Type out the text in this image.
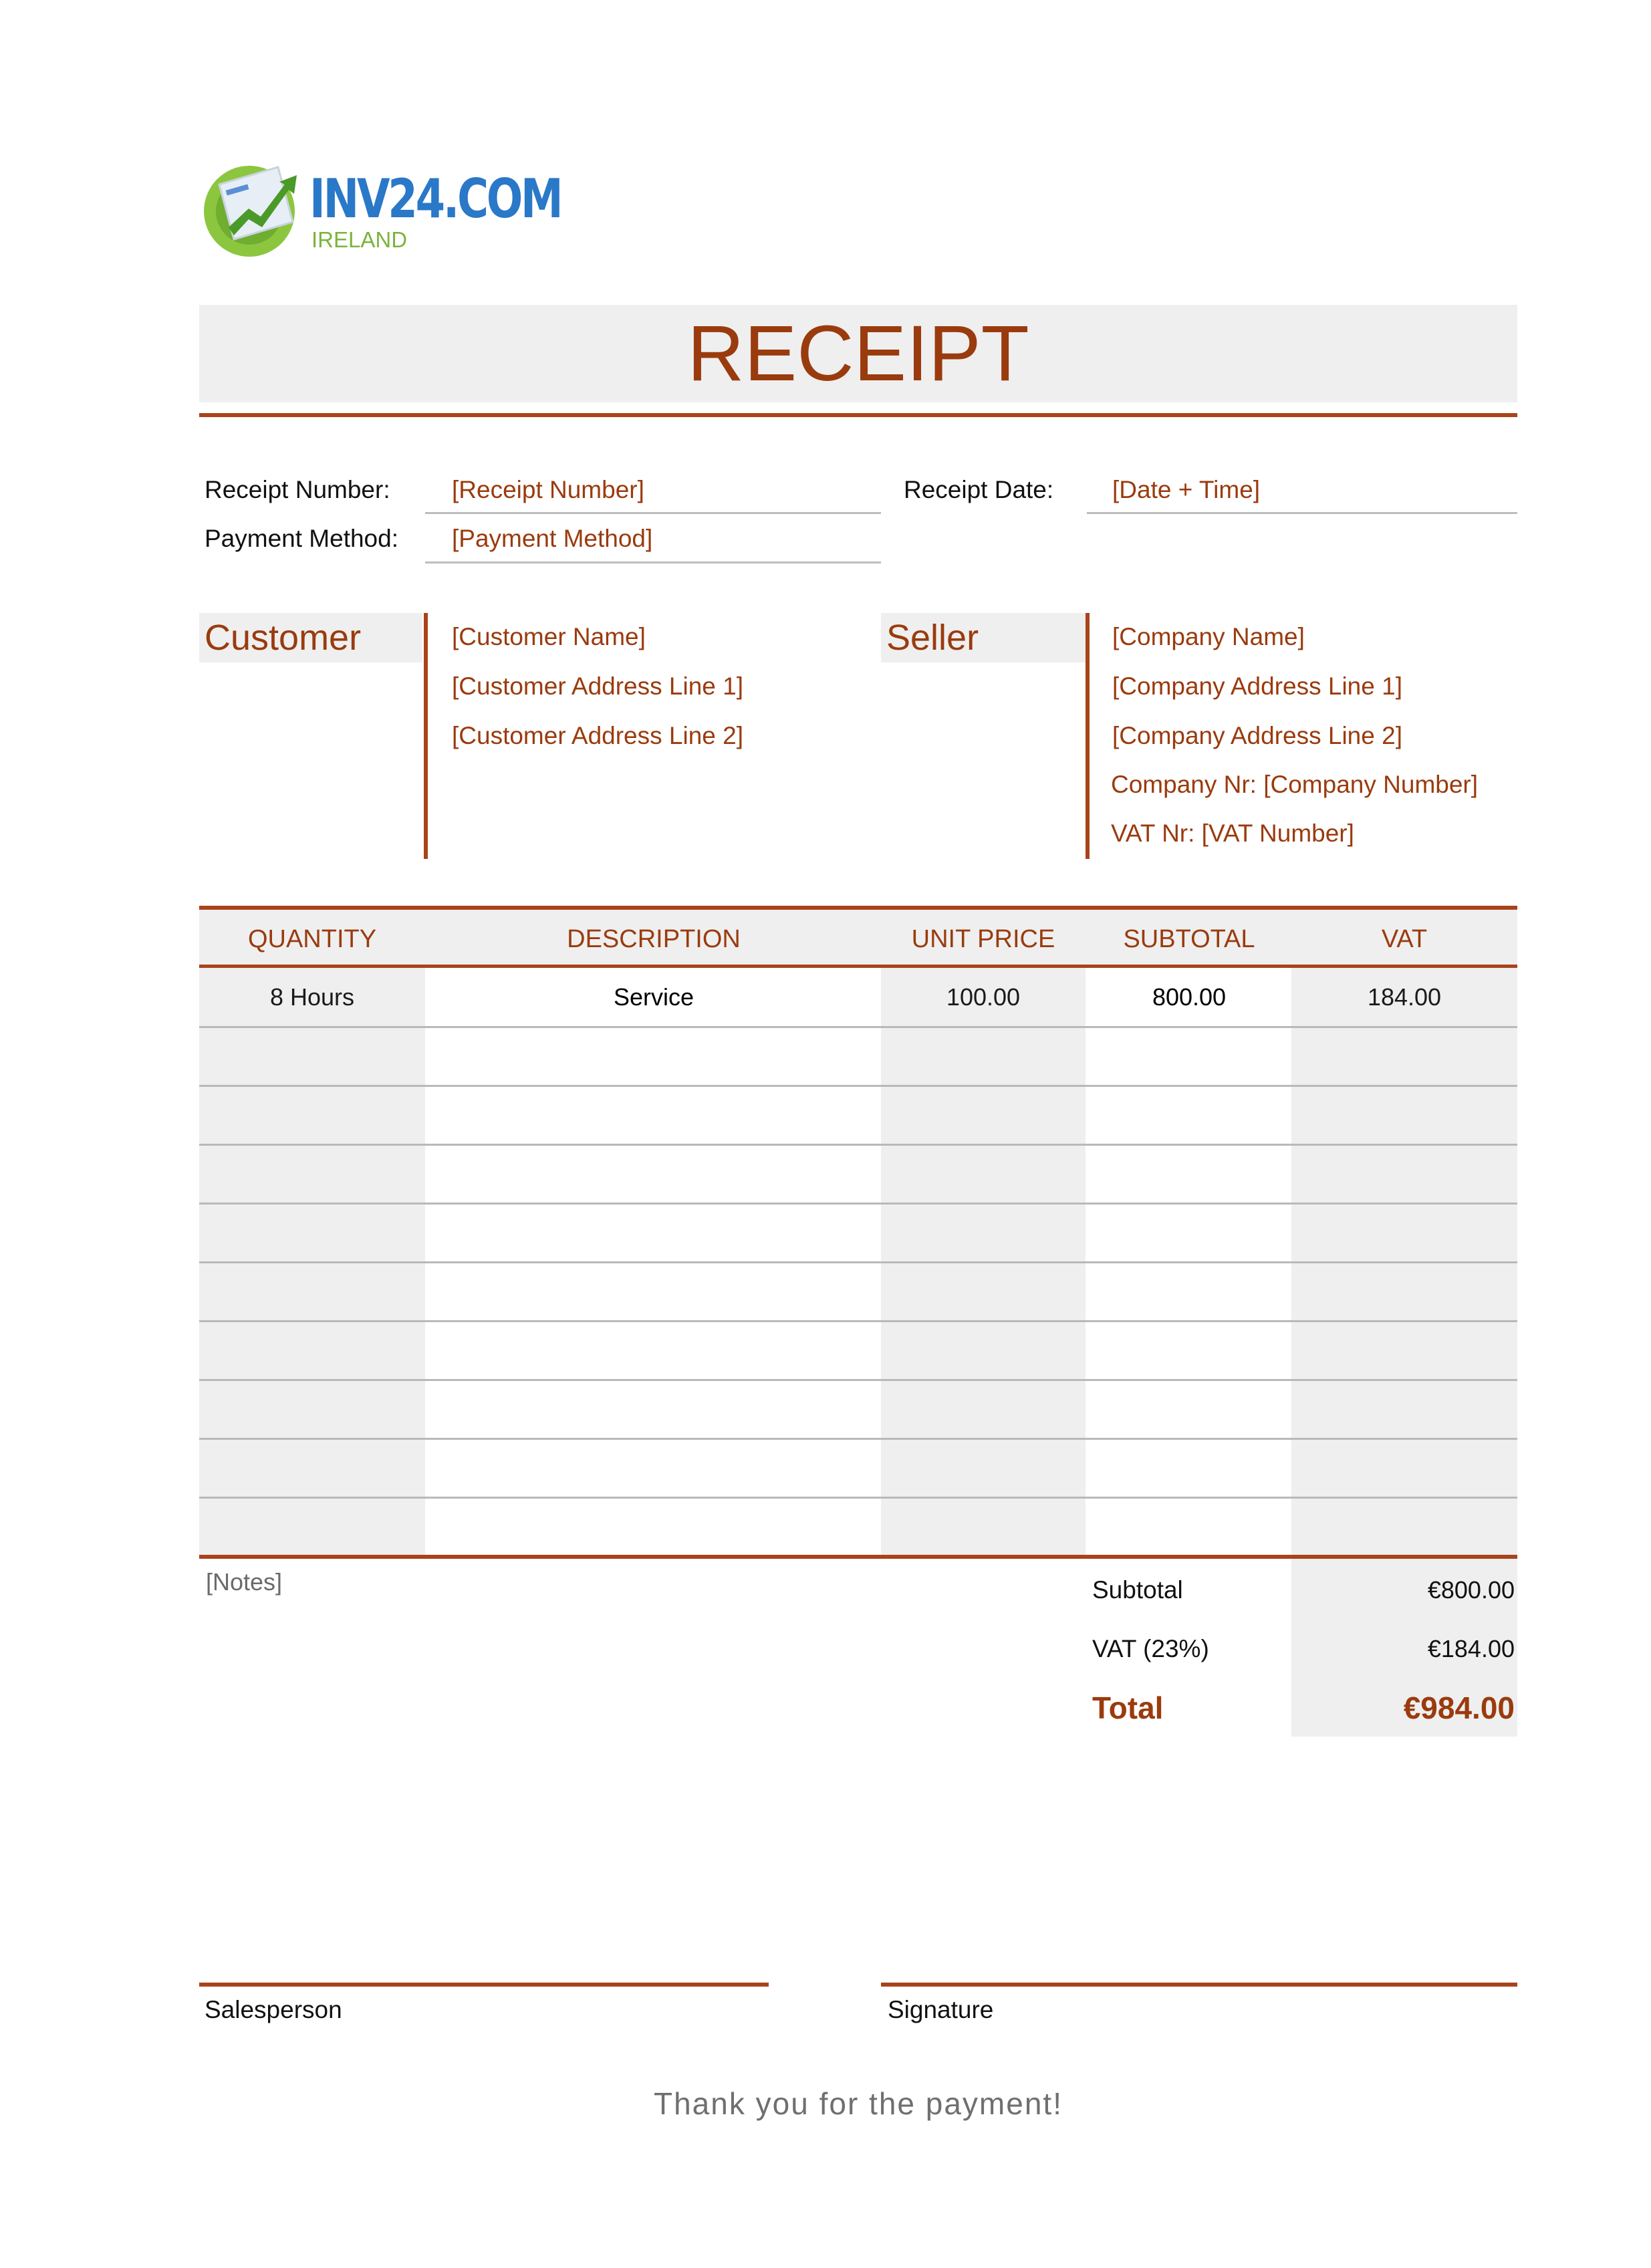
INV24.COM
IRELAND
RECEIPT
Receipt Number: [Receipt Number]
Payment Method: [Payment Method]
Receipt Date: [Date + Time]
Customer	[Customer Name]
[Customer Address Line 1]
[Customer Address Line 2]
Seller	[Company Name]
[Company Address Line 1]
[Company Address Line 2]
Company Nr: [Company Number]
VAT Nr: [VAT Number]
QUANTITY	DESCRIPTION	UNIT PRICE	SUBTOTAL	VAT
8 Hours	Service	100.00	800.00	184.00
[Notes]	Subtotal	€800.00
VAT (23%)	€184.00
Total	€984.00
Salesperson	Signature
Thank you for the payment!
